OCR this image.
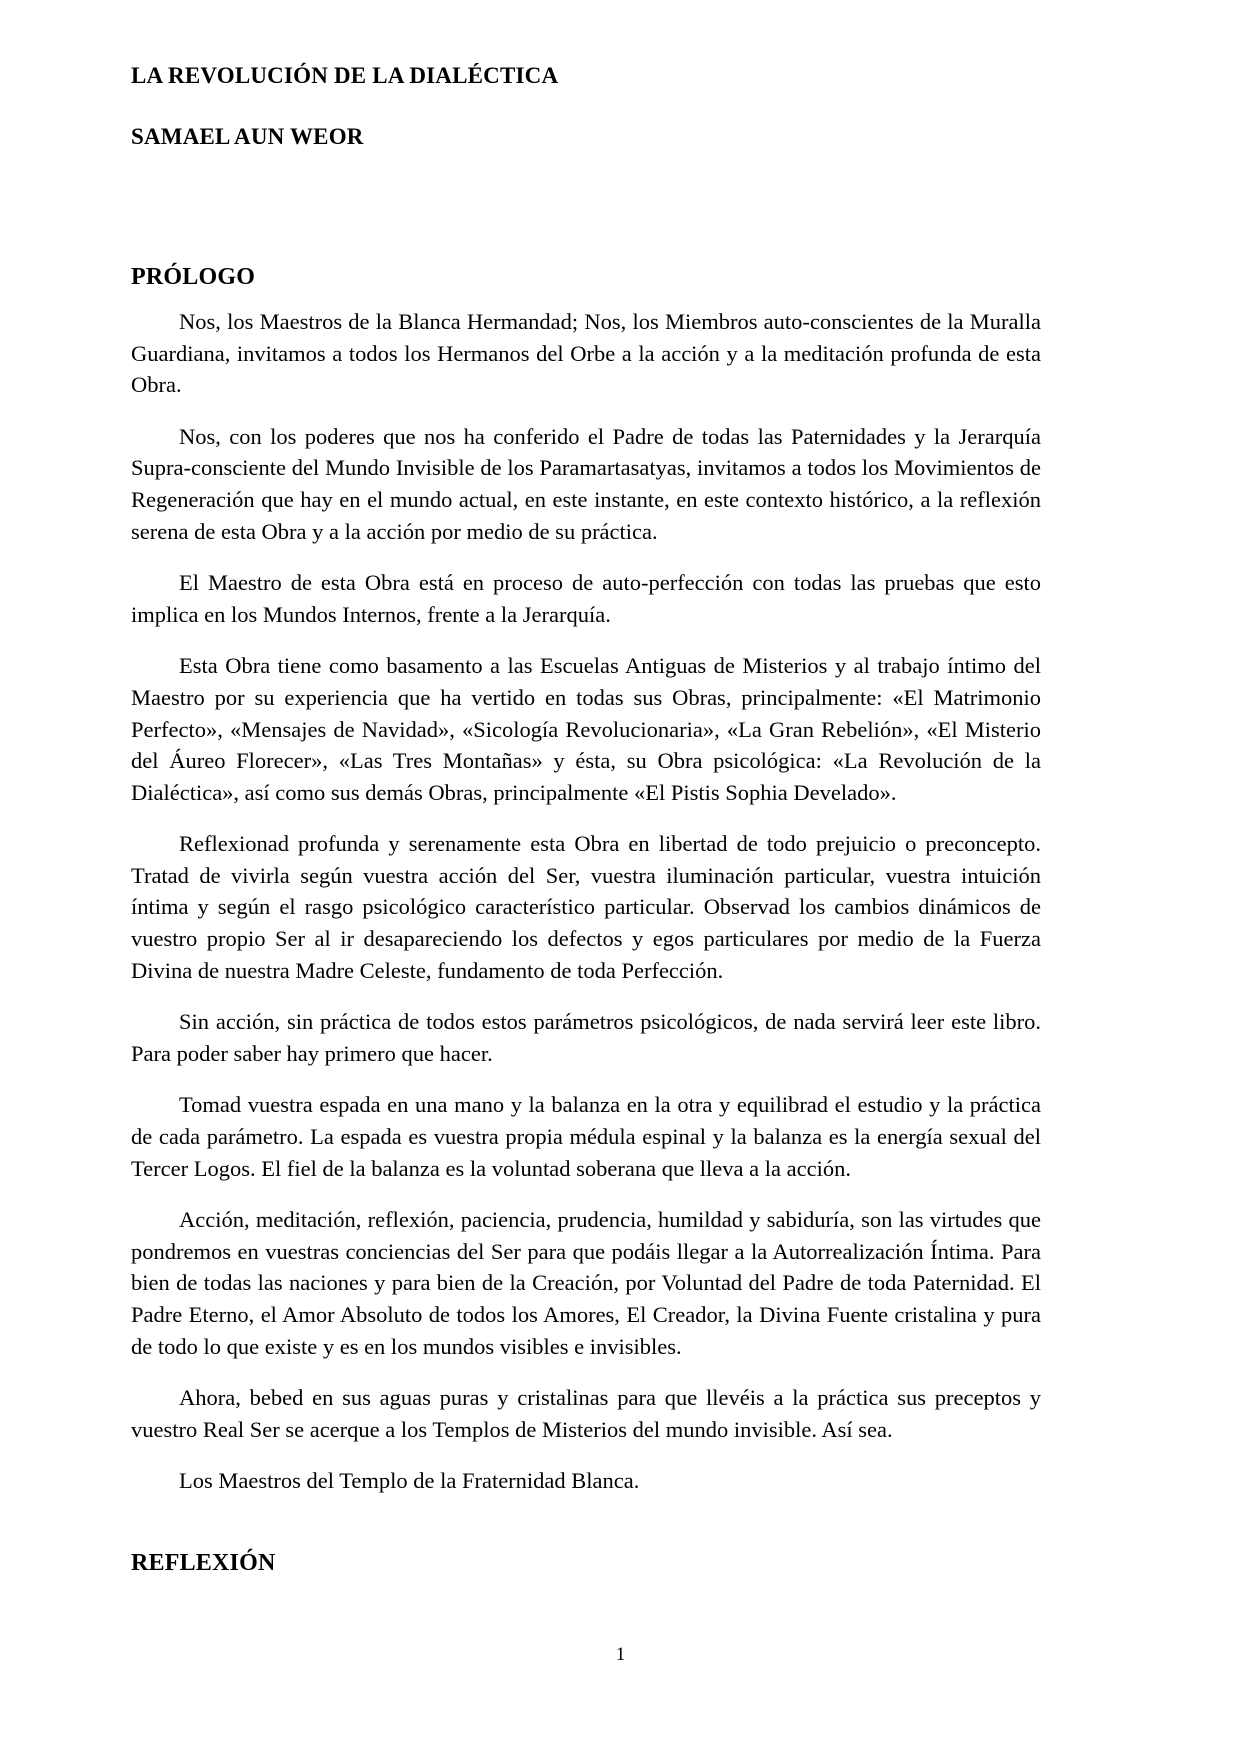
LA REVOLUCIÓN DE LA DIALÉCTICA
SAMAEL AUN WEOR
PRÓLOGO

Nos, los Maestros de la Blanca Hermandad; Nos, los Miembros auto-conscientes de la Muralla Guardiana, invitamos a todos los Hermanos del Orbe a la acción y a la meditación profunda de esta Obra.

Nos, con los poderes que nos ha conferido el Padre de todas las Paternidades y la Jerarquía Supra-consciente del Mundo Invisible de los Paramartasatyas, invitamos a todos los Movimientos de Regeneración que hay en el mundo actual, en este instante, en este contexto histórico, a la reflexión serena de esta Obra y a la acción por medio de su práctica.

El Maestro de esta Obra está en proceso de auto-perfección con todas las pruebas que esto implica en los Mundos Internos, frente a la Jerarquía.

Esta Obra tiene como basamento a las Escuelas Antiguas de Misterios y al trabajo íntimo del Maestro por su experiencia que ha vertido en todas sus Obras, principalmente: «El Matrimonio Perfecto», «Mensajes de Navidad», «Sicología Revolucionaria», «La Gran Rebelión», «El Misterio del Áureo Florecer», «Las Tres Montañas» y ésta, su Obra psicológica: «La Revolución de la Dialéctica», así como sus demás Obras, principalmente «El Pistis Sophia Develado».

Reflexionad profunda y serenamente esta Obra en libertad de todo prejuicio o preconcepto. Tratad de vivirla según vuestra acción del Ser, vuestra iluminación particular, vuestra intuición íntima y según el rasgo psicológico característico particular. Observad los cambios dinámicos de vuestro propio Ser al ir desapareciendo los defectos y egos particulares por medio de la Fuerza Divina de nuestra Madre Celeste, fundamento de toda Perfección.

Sin acción, sin práctica de todos estos parámetros psicológicos, de nada servirá leer este libro. Para poder saber hay primero que hacer.

Tomad vuestra espada en una mano y la balanza en la otra y equilibrad el estudio y la práctica de cada parámetro. La espada es vuestra propia médula espinal y la balanza es la energía sexual del Tercer Logos. El fiel de la balanza es la voluntad soberana que lleva a la acción.

Acción, meditación, reflexión, paciencia, prudencia, humildad y sabiduría, son las virtudes que pondremos en vuestras conciencias del Ser para que podáis llegar a la Autorrealización Íntima. Para bien de todas las naciones y para bien de la Creación, por Voluntad del Padre de toda Paternidad. El Padre Eterno, el Amor Absoluto de todos los Amores, El Creador, la Divina Fuente cristalina y pura de todo lo que existe y es en los mundos visibles e invisibles.

Ahora, bebed en sus aguas puras y cristalinas para que llevéis a la práctica sus preceptos y vuestro Real Ser se acerque a los Templos de Misterios del mundo invisible. Así sea.

Los Maestros del Templo de la Fraternidad Blanca.

REFLEXIÓN
1
